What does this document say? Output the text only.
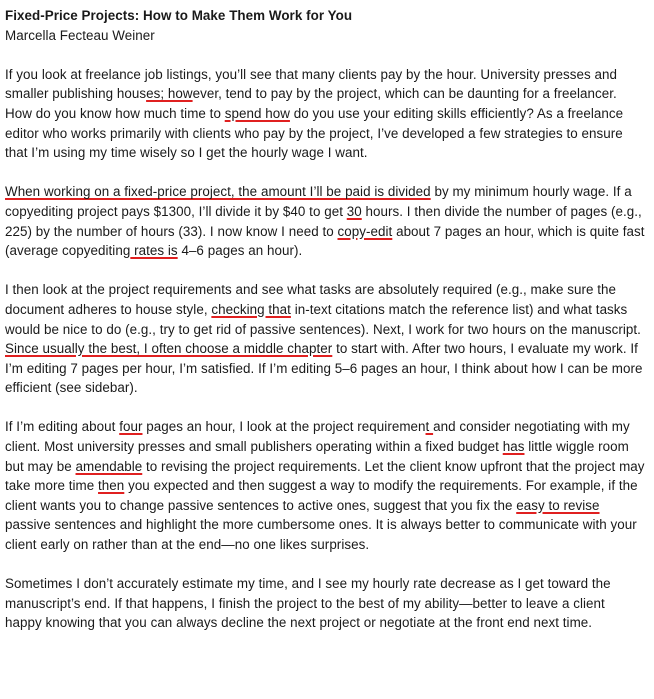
Fixed-Price Projects: How to Make Them Work for You

Marcella Fecteau Weiner

If you look at freelance job listings, you’ll see that many clients pay by the hour. University presses and smaller publishing houses; however, tend to pay by the project, which can be daunting for a freelancer. How do you know how much time to spend how do you use your editing skills efficiently? As a freelance editor who works primarily with clients who pay by the project, I’ve developed a few strategies to ensure that I’m using my time wisely so I get the hourly wage I want.

When working on a fixed-price project, the amount I’ll be paid is divided by my minimum hourly wage. If a copyediting project pays $1300, I’ll divide it by $40 to get 30 hours. I then divide the number of pages (e.g., 225) by the number of hours (33). I now know I need to copy-edit about 7 pages an hour, which is quite fast (average copyediting rates is 4–6 pages an hour).

I then look at the project requirements and see what tasks are absolutely required (e.g., make sure the document adheres to house style, checking that in-text citations match the reference list) and what tasks would be nice to do (e.g., try to get rid of passive sentences). Next, I work for two hours on the manuscript. Since usually the best, I often choose a middle chapter to start with. After two hours, I evaluate my work. If I’m editing 7 pages per hour, I’m satisfied. If I’m editing 5–6 pages an hour, I think about how I can be more efficient (see sidebar).

If I’m editing about four pages an hour, I look at the project requirement and consider negotiating with my client. Most university presses and small publishers operating within a fixed budget has little wiggle room but may be amendable to revising the project requirements. Let the client know upfront that the project may take more time then you expected and then suggest a way to modify the requirements. For example, if the client wants you to change passive sentences to active ones, suggest that you fix the easy to revise passive sentences and highlight the more cumbersome ones. It is always better to communicate with your client early on rather than at the end—no one likes surprises.

Sometimes I don’t accurately estimate my time, and I see my hourly rate decrease as I get toward the manuscript’s end. If that happens, I finish the project to the best of my ability—better to leave a client happy knowing that you can always decline the next project or negotiate at the front end next time.
